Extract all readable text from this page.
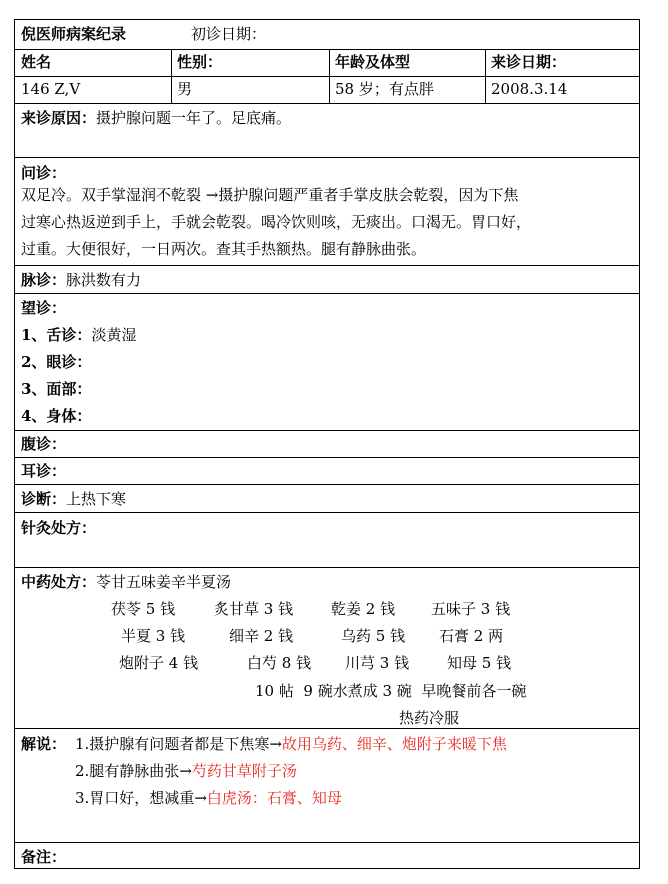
倪医师病案纪录	初诊日期：
姓名	性别：	年龄及体型	来诊日期：
146 Z,V	男	58 岁；有点胖	2008.3.14
来诊原因：摄护腺问题一年了。足底痛。
问诊：
双足冷。双手掌湿润不乾裂 →摄护腺问题严重者手掌皮肤会乾裂，因为下焦
过寒心热返逆到手上，手就会乾裂。喝冷饮则咳，无痰出。口渴无。胃口好，
过重。大便很好，一日两次。查其手热额热。腿有静脉曲张。
脉诊：脉洪数有力
望诊：
1、舌诊：淡黄湿
2、眼诊：
3、面部：
4、身体：
腹诊：
耳诊：
诊断：上热下寒
针灸处方：
中药处方：苓甘五味姜辛半夏汤
茯苓 5 钱	炙甘草 3 钱	乾姜 2 钱 五味子 3 钱
半夏 3 钱	细辛 2 钱	乌药 5 钱 石膏 2 两
炮附子 4 钱	白芍 8 钱 川芎 3 钱	知母 5 钱
10 帖  9 碗水煮成 3 碗  早晚餐前各一碗
热药冷服
解说： 1.摄护腺有问题者都是下焦寒→故用乌药、细辛、炮附子来暖下焦
2.腿有静脉曲张→芍药甘草附子汤
3.胃口好，想减重→白虎汤：石膏、知母
备注：
